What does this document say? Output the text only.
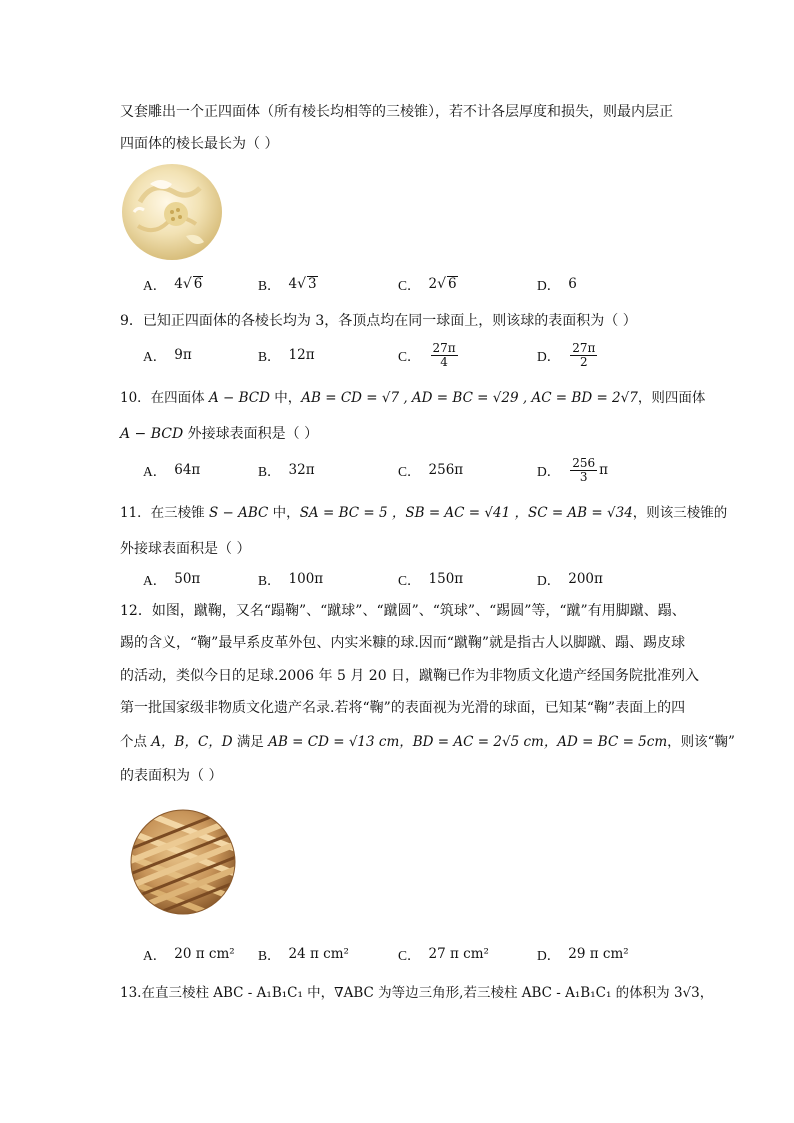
又套雕出一个正四面体（所有棱长均相等的三棱锥），若不计各层厚度和损失，则最内层正
四面体的棱长最长为（ ）
A． 4 √ 6	B． 4 √ 3	C． 2 √ 6	D． 6
9．已知正四面体的各棱长均为 3，各顶点均在同一球面上，则该球的表面积为（ ）
A． 9π	B． 12π	C． $\frac{27\pi}{4}$	D． $\frac{27\pi}{2}$
10．在四面体 A − BCD 中，AB = CD = √7 , AD = BC = √29 , AC = BD = 2√7，则四面体
A − BCD 外接球表面积是（ ）
A． 64π	B． 32π	C． 256π	D． $\frac{256}{3}$ π
11．在三棱锥 S − ABC 中，SA = BC = 5 ，SB = AC = √41 ，SC = AB = √34，则该三棱锥的
外接球表面积是（ ）
A． 50π	B． 100π	C． 150π	D． 200π
12．如图，蹴鞠，又名“蹋鞠”、“蹴球”、“蹴圆”、“筑球”、“踢圆”等，“蹴”有用脚蹴、蹋、
踢的含义，“鞠”最早系皮革外包、内实米糠的球.因而“蹴鞠”就是指古人以脚蹴、蹋、踢皮球
的活动，类似今日的足球.2006 年 5 月 20 日，蹴鞠已作为非物质文化遗产经国务院批准列入
第一批国家级非物质文化遗产名录.若将“鞠”的表面视为光滑的球面，已知某“鞠”表面上的四
个点 A，B，C，D 满足 AB = CD = √13 cm，BD = AC = 2√5 cm，AD = BC = 5cm，则该“鞠”
的表面积为（ ）
A． 20 π cm² B． 24 π cm²	C． 27 π cm²	D． 29 π cm²
13.在直三棱柱 ABC - A₁B₁C₁ 中，∇ABC 为等边三角形,若三棱柱 ABC - A₁B₁C₁ 的体积为 3√3，
